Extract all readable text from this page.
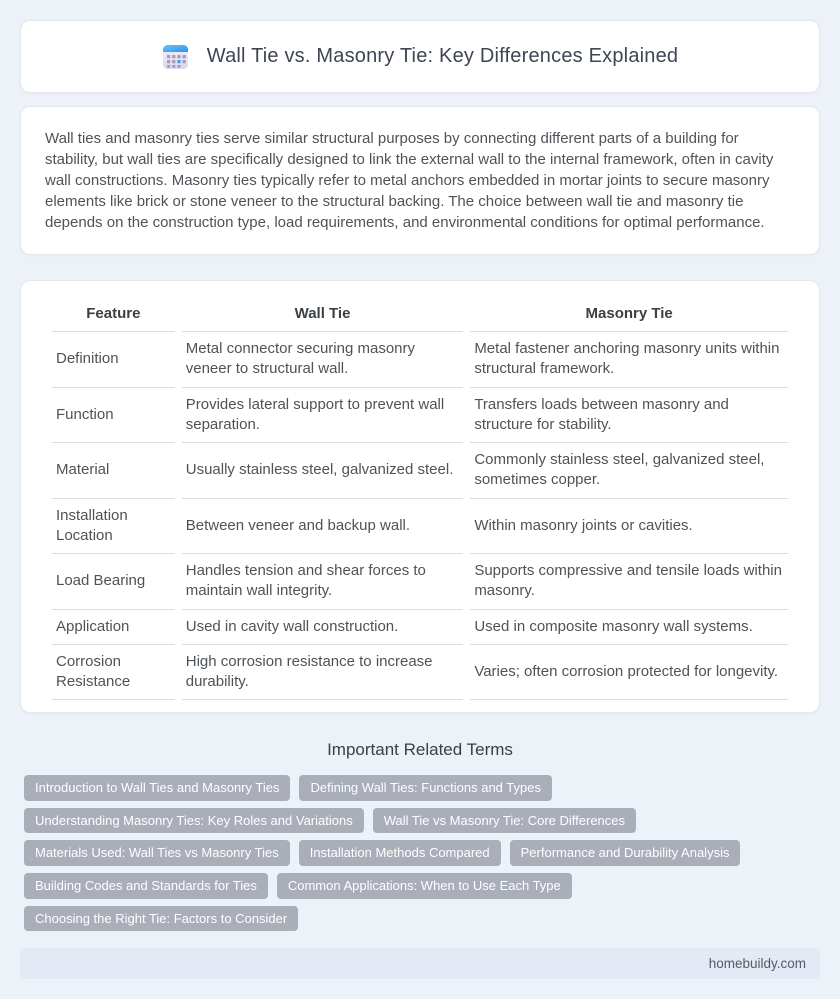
Wall Tie vs. Masonry Tie: Key Differences Explained

Wall ties and masonry ties serve similar structural purposes by connecting different parts of a building for stability, but wall ties are specifically designed to link the external wall to the internal framework, often in cavity wall constructions. Masonry ties typically refer to metal anchors embedded in mortar joints to secure masonry elements like brick or stone veneer to the structural backing. The choice between wall tie and masonry tie depends on the construction type, load requirements, and environmental conditions for optimal performance.

Feature	Wall Tie	Masonry Tie
Definition	Metal connector securing masonry veneer to structural wall.	Metal fastener anchoring masonry units within structural framework.
Function	Provides lateral support to prevent wall separation.	Transfers loads between masonry and structure for stability.
Material	Usually stainless steel, galvanized steel.	Commonly stainless steel, galvanized steel, sometimes copper.
Installation Location	Between veneer and backup wall.	Within masonry joints or cavities.
Load Bearing	Handles tension and shear forces to maintain wall integrity.	Supports compressive and tensile loads within masonry.
Application	Used in cavity wall construction.	Used in composite masonry wall systems.
Corrosion Resistance	High corrosion resistance to increase durability.	Varies; often corrosion protected for longevity.
Important Related Terms
Introduction to Wall Ties and Masonry Ties	Defining Wall Ties: Functions and Types
Understanding Masonry Ties: Key Roles and Variations	Wall Tie vs Masonry Tie: Core Differences
Materials Used: Wall Ties vs Masonry Ties	Installation Methods Compared	Performance and Durability Analysis
Building Codes and Standards for Ties	Common Applications: When to Use Each Type
Choosing the Right Tie: Factors to Consider
homebuildy.com
